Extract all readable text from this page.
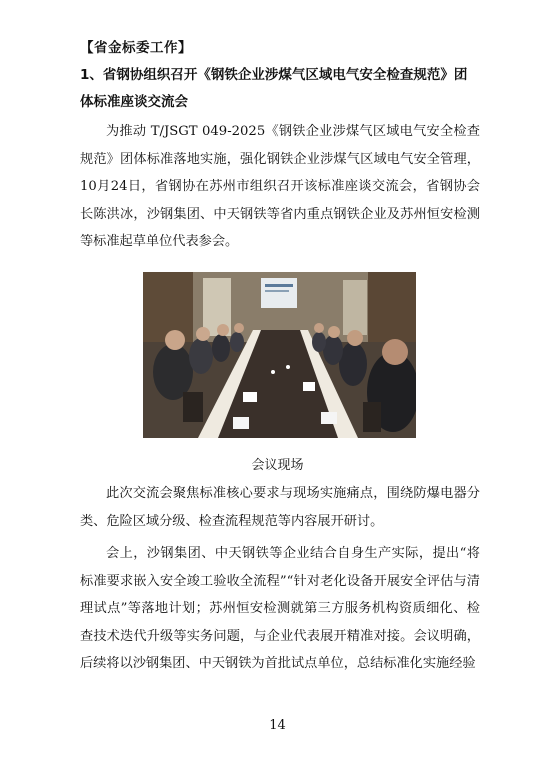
【省金标委工作】
1、省钢协组织召开《钢铁企业涉煤气区域电气安全检查规范》团体标准座谈交流会
为推动 T/JSGT 049-2025《钢铁企业涉煤气区域电气安全检查规范》团体标准落地实施，强化钢铁企业涉煤气区域电气安全管理，10月24日，省钢协在苏州市组织召开该标准座谈交流会，省钢协会长陈洪冰，沙钢集团、中天钢铁等省内重点钢铁企业及苏州恒安检测等标准起草单位代表参会。
会议现场
此次交流会聚焦标准核心要求与现场实施痛点，围绕防爆电器分类、危险区域分级、检查流程规范等内容展开研讨。
会上，沙钢集团、中天钢铁等企业结合自身生产实际，提出“将标准要求嵌入安全竣工验收全流程”“针对老化设备开展安全评估与清理试点”等落地计划；苏州恒安检测就第三方服务机构资质细化、检查技术迭代升级等实务问题，与企业代表展开精准对接。会议明确，后续将以沙钢集团、中天钢铁为首批试点单位，总结标准化实施经验
14
